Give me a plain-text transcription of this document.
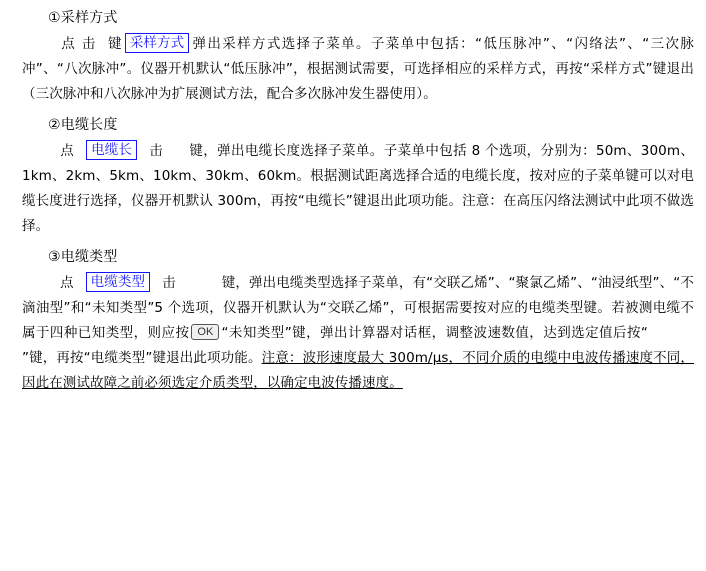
①采样方式
点 击 键 采样方式 弹出采样方式选择子菜单。子菜单中包括：“低压脉冲”、“闪络法”、“三次脉冲”、“八次脉冲”。仪器开机默认“低压脉冲”，根据测试需要，可选择相应的采样方式，再按“采样方式”键退出（三次脉冲和八次脉冲为扩展测试方法，配合多次脉冲发生器使用）。
②电缆长度
点 电缆长 击 键，弹出电缆长度选择子菜单。子菜单中包括 8 个选项，分别为：50m、300m、1km、2km、5km、10km、30km、60km。根据测试距离选择合适的电缆长度，按对应的子菜单键可以对电缆长度进行选择，仪器开机默认 300m，再按“电缆长”键退出此项功能。注意：在高压闪络法测试中此项不做选择。
③电缆类型
点 电缆类型 击	键，弹出电缆类型选择子菜单，有“交联乙烯”、“聚氯乙烯”、“油浸纸型”、“不滴油型”和“未知类型”5 个选项，仪器开机默认为“交联乙烯”，可根据需要按对应的电缆类型键。若被测电缆不属于四种已知类型，则应按 OK “未知类型”键，弹出计算器对话框，调整波速数值，达到选定值后按“”键，再按“电缆类型”键退出此项功能。注意：波形速度最大 300m/μs，不同介质的电缆中电波传播速度不同，因此在测试故障之前必须选定介质类型，以确定电波传播速度。
